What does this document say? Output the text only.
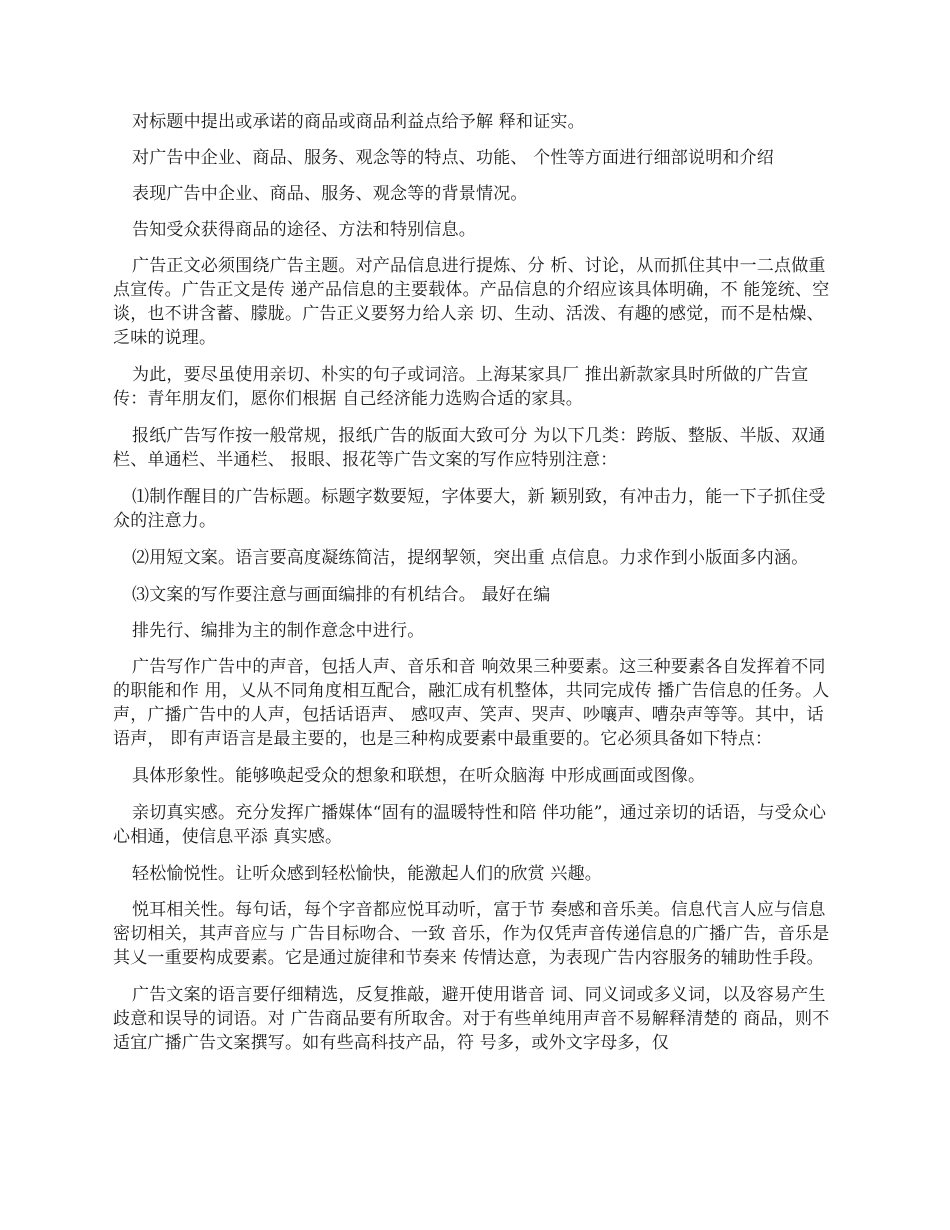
对标题中提出或承诺的商品或商品利益点给予解 释和证实。

对广告中企业、商品、服务、观念等的特点、功能、 个性等方面进行细部说明和介绍

表现广告中企业、商品、服务、观念等的背景情况。

告知受众获得商品的途径、方法和特别信息。

广告正文必须围绕广告主题。对产品信息进行提炼、分 析、讨论，从而抓住其中一二点做重点宣传。广告正文是传 递产品信息的主要载体。产品信息的介绍应该具体明确，不 能笼统、空谈，也不讲含蓄、朦胧。广告正义要努力给人亲 切、生动、活泼、有趣的感觉，而不是枯燥、乏味的说理。

为此，要尽虽使用亲切、朴实的句子或词涪。上海某家具厂 推出新款家具时所做的广告宣传：青年朋友们，愿你们根据 自己经济能力选购合适的家具。

报纸广告写作按一般常规，报纸广告的版面大致可分 为以下几类：跨版、整版、半版、双通栏、单通栏、半通栏、 报眼、报花等广告文案的写作应特别注意：

⑴制作醒目的广告标题。标题字数要短，字体要大，新 颖别致，有冲击力，能一下子抓住受众的注意力。

⑵用短文案。语言要高度凝练简洁，提纲挈领，突出重 点信息。力求作到小版面多内涵。

⑶文案的写作要注意与画面编排的有机结合。 最好在编

排先行、编排为主的制作意念中进行。

广告写作广告中的声音，包括人声、音乐和音 响效果三种要素。这三种要素各自发挥着不同的职能和作 用，乂从不同角度相互配合，融汇成有机整体，共同完成传 播广告信息的任务。人声，广播广告中的人声，包括话语声、 感叹声、笑声、哭声、吵嚷声、嘈杂声等等。其中，话语声， 即有声语言是最主要的，也是三种构成要素中最重要的。它必须具备如下特点：

具体形象性。能够唤起受众的想象和联想，在听众脑海 中形成画面或图像。

亲切真实感。充分发挥广播媒体“固有的温暖特性和陪 伴功能”，通过亲切的话语，与受众心心相通，使信息平添 真实感。

轻松愉悦性。让听众感到轻松愉快，能激起人们的欣赏 兴趣。

悦耳相关性。每句话，每个字音都应悦耳动听，富于节 奏感和音乐美。信息代言人应与信息密切相关，其声音应与 广告目标吻合、一致 音乐，作为仅凭声音传递信息的广播广告，音乐是其乂一重要构成要素。它是通过旋律和节奏来 传情达意，为表现广告内容服务的辅助性手段。

广告文案的语言要仔细精选，反复推敲，避开使用谐音 词、同义词或多义词，以及容易产生歧意和误导的词语。对 广告商品要有所取舍。对于有些单纯用声音不易解释清楚的 商品，则不适宜广播广告文案撰写。如有些高科技产品，符 号多，或外文字母多，仅
